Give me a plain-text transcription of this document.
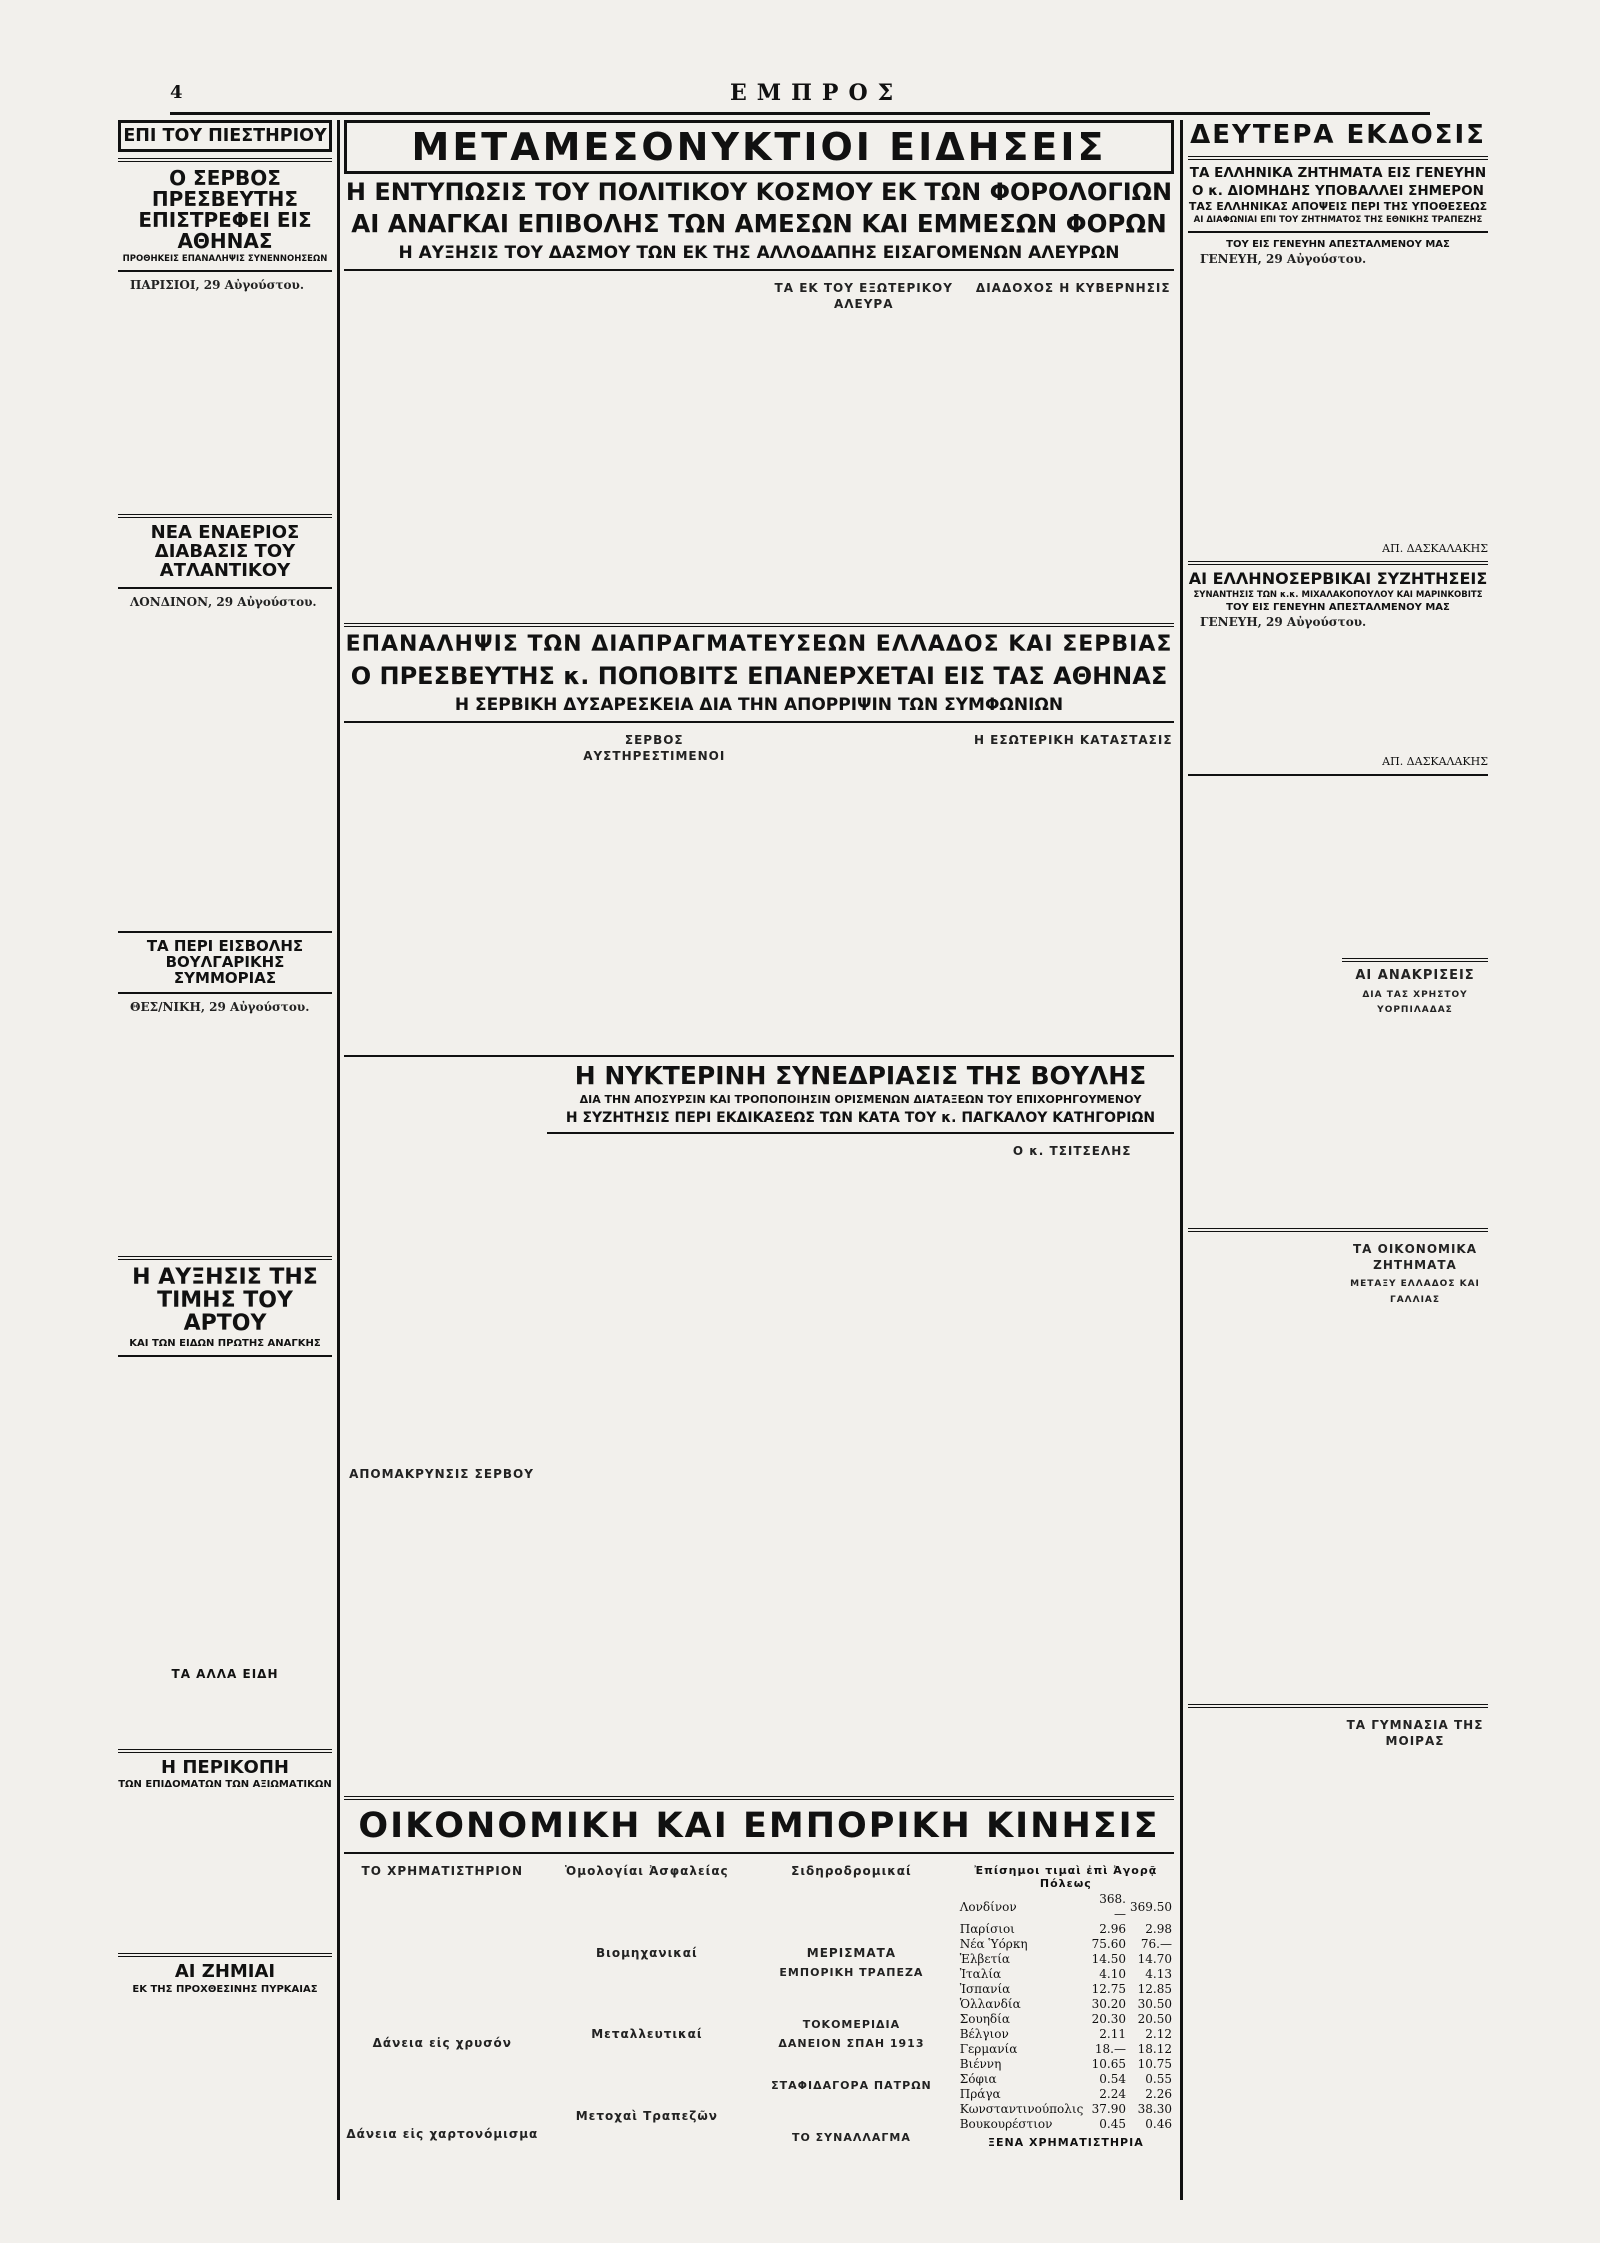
4	ΕΜΠΡΟΣ
ΕΠΙ ΤΟΥ ΠΙΕΣΤΗΡΙΟΥ
Ο ΣΕΡΒΟΣ ΠΡΕΣΒΕΥΤΗΣ ΕΠΙΣΤΡΕΦΕΙ ΕΙΣ ΑΘΗΝΑΣ
ΠΡΟΘΗΚΕΙΣ ΕΠΑΝΑΛΗΨΙΣ ΣΥΝΕΝΝΟΗΣΕΩΝ

ΠΑΡΙΣΙΟΙ, 29 Αὐγούστου.

ΝΕΑ ΕΝΑΕΡΙΟΣ ΔΙΑΒΑΣΙΣ ΤΟΥ ΑΤΛΑΝΤΙΚΟΥ

ΛΟΝΔΙΝΟΝ, 29 Αὐγούστου.

ΤΑ ΠΕΡΙ ΕΙΣΒΟΛΗΣ ΒΟΥΛΓΑΡΙΚΗΣ ΣΥΜΜΟΡΙΑΣ

ΘΕΣ/ΝΙΚΗ, 29 Αὐγούστου.

Η ΑΥΞΗΣΙΣ ΤΗΣ ΤΙΜΗΣ ΤΟΥ ΑΡΤΟΥ
ΚΑΙ ΤΩΝ ΕΙΔΩΝ ΠΡΩΤΗΣ ΑΝΑΓΚΗΣ
ΤΑ ΑΛΛΑ ΕΙΔΗ
Η ΠΕΡΙΚΟΠΗ
ΤΩΝ ΕΠΙΔΟΜΑΤΩΝ ΤΩΝ ΑΞΙΩΜΑΤΙΚΩΝ
ΑΙ ΖΗΜΙΑΙ
ΕΚ ΤΗΣ ΠΡΟΧΘΕΣΙΝΗΣ ΠΥΡΚΑΪΑΣ
ΜΕΤΑΜΕΣΟΝΥΚΤΙΟΙ ΕΙΔΗΣΕΙΣ
Η ΕΝΤΥΠΩΣΙΣ ΤΟΥ ΠΟΛΙΤΙΚΟΥ ΚΟΣΜΟΥ ΕΚ ΤΩΝ ΦΟΡΟΛΟΓΙΩΝ
ΑΙ ΑΝΑΓΚΑΙ ΕΠΙΒΟΛΗΣ ΤΩΝ ΑΜΕΣΩΝ ΚΑΙ ΕΜΜΕΣΩΝ ΦΟΡΩΝ
Η ΑΥΞΗΣΙΣ ΤΟΥ ΔΑΣΜΟΥ ΤΩΝ ΕΚ ΤΗΣ ΑΛΛΟΔΑΠΗΣ ΕΙΣΑΓΟΜΕΝΩΝ ΑΛΕΥΡΩΝ
ΤΑ ΕΚ ΤΟΥ ΕΞΩΤΕΡΙΚΟΥ ΑΛΕΥΡΑ
ΔΙΑΔΟΧΟΣ Η ΚΥΒΕΡΝΗΣΙΣ
ΕΠΑΝΑΛΗΨΙΣ ΤΩΝ ΔΙΑΠΡΑΓΜΑΤΕΥΣΕΩΝ ΕΛΛΑΔΟΣ ΚΑΙ ΣΕΡΒΙΑΣ
Ο ΠΡΕΣΒΕΥΤΗΣ κ. ΠΟΠΟΒΙΤΣ ΕΠΑΝΕΡΧΕΤΑΙ ΕΙΣ ΤΑΣ ΑΘΗΝΑΣ
Η ΣΕΡΒΙΚΗ ΔΥΣΑΡΕΣΚΕΙΑ ΔΙΑ ΤΗΝ ΑΠΟΡΡΙΨΙΝ ΤΩΝ ΣΥΜΦΩΝΙΩΝ
ΣΕΡΒΟΣ ΑΥΣΤΗΡΕΣΤΙΜΕΝΟΙ
Η ΕΣΩΤΕΡΙΚΗ ΚΑΤΑΣΤΑΣΙΣ
ΑΠΟΜΑΚΡΥΝΣΙΣ ΣΕΡΒΟΥ
Η ΝΥΚΤΕΡΙΝΗ ΣΥΝΕΔΡΙΑΣΙΣ ΤΗΣ ΒΟΥΛΗΣ
ΔΙΑ ΤΗΝ ΑΠΟΣΥΡΣΙΝ ΚΑΙ ΤΡΟΠΟΠΟΙΗΣΙΝ ΟΡΙΣΜΕΝΩΝ ΔΙΑΤΑΞΕΩΝ ΤΟΥ ΕΠΙΧΟΡΗΓΟΥΜΕΝΟΥ
Η ΣΥΖΗΤΗΣΙΣ ΠΕΡΙ ΕΚΔΙΚΑΣΕΩΣ ΤΩΝ ΚΑΤΑ ΤΟΥ κ. ΠΑΓΚΑΛΟΥ ΚΑΤΗΓΟΡΙΩΝ
Ο κ. ΤΣΙΤΣΕΛΗΣ
ΟΙΚΟΝΟΜΙΚΗ ΚΑΙ ΕΜΠΟΡΙΚΗ ΚΙΝΗΣΙΣ
ΤΟ ΧΡΗΜΑΤΙΣΤΗΡΙΟΝ
Δάνεια εἰς χρυσόν
Δάνεια εἰς χαρτονόμισμα
Ὁμολογίαι Ἀσφαλείας
Βιομηχανικαί
Μεταλλευτικαί
Μετοχαὶ Τραπεζῶν
Σιδηροδρομικαί
ΜΕΡΙΣΜΑΤΑ
ΕΜΠΟΡΙΚΗ ΤΡΑΠΕΖΑ
ΤΟΚΟΜΕΡΙΔΙΑ
ΔΑΝΕΙΟΝ ΣΠΑΗ 1913
ΣΤΑΦΙΔΑΓΟΡΑ ΠΑΤΡΩΝ
ΤΟ ΣΥΝΑΛΛΑΓΜΑ
Ἐπίσημοι τιμαὶ ἐπὶ Ἀγορᾷ Πόλεως
Λονδίνον	368.—	369.50
Παρίσιοι	2.96	2.98
Νέα Ὑόρκη	75.60	76.—
Ἑλβετία	14.50	14.70
Ἰταλία	4.10	4.13
Ἰσπανία	12.75	12.85
Ὁλλανδία	30.20	30.50
Σουηδία	20.30	20.50
Βέλγιον	2.11	2.12
Γερμανία	18.—	18.12
Βιέννη	10.65	10.75
Σόφια	0.54	0.55
Πράγα	2.24	2.26
Κωνσταντινούπολις	37.90	38.30
Βουκουρέστιον	0.45	0.46
ΞΕΝΑ ΧΡΗΜΑΤΙΣΤΗΡΙΑ
ΔΕΥΤΕΡΑ ΕΚΔΟΣΙΣ
ΤΑ ΕΛΛΗΝΙΚΑ ΖΗΤΗΜΑΤΑ ΕΙΣ ΓΕΝΕΥΗΝ
Ο κ. ΔΙΟΜΗΔΗΣ ΥΠΟΒΑΛΛΕΙ ΣΗΜΕΡΟΝ
ΤΑΣ ΕΛΛΗΝΙΚΑΣ ΑΠΟΨΕΙΣ ΠΕΡΙ ΤΗΣ ΥΠΟΘΕΣΕΩΣ
ΑΙ ΔΙΑΦΩΝΙΑΙ ΕΠΙ ΤΟΥ ΖΗΤΗΜΑΤΟΣ ΤΗΣ ΕΘΝΙΚΗΣ ΤΡΑΠΕΖΗΣ
ΤΟΥ ΕΙΣ ΓΕΝΕΥΗΝ ΑΠΕΣΤΑΛΜΕΝΟΥ ΜΑΣ

ΓΕΝΕΥΗ, 29 Αὐγούστου.

ΑΠ. ΔΑΣΚΑΛΑΚΗΣ
ΑΙ ΕΛΛΗΝΟΣΕΡΒΙΚΑΙ ΣΥΖΗΤΗΣΕΙΣ
ΣΥΝΑΝΤΗΣΙΣ ΤΩΝ κ.κ. ΜΙΧΑΛΑΚΟΠΟΥΛΟΥ ΚΑΙ ΜΑΡΙΝΚΟΒΙΤΣ
ΤΟΥ ΕΙΣ ΓΕΝΕΥΗΝ ΑΠΕΣΤΑΛΜΕΝΟΥ ΜΑΣ

ΓΕΝΕΥΗ, 29 Αὐγούστου.

ΑΠ. ΔΑΣΚΑΛΑΚΗΣ
ΑΙ ΑΝΑΚΡΙΣΕΙΣ
ΔΙΑ ΤΑΣ ΧΡΗΣΤΟΥ ΥΟΡΠΙΛΑΔΑΣ
ΤΑ ΟΙΚΟΝΟΜΙΚΑ ΖΗΤΗΜΑΤΑ
ΜΕΤΑΞΥ ΕΛΛΑΔΟΣ ΚΑΙ ΓΑΛΛΙΑΣ
ΤΑ ΓΥΜΝΑΣΙΑ ΤΗΣ ΜΟΙΡΑΣ
